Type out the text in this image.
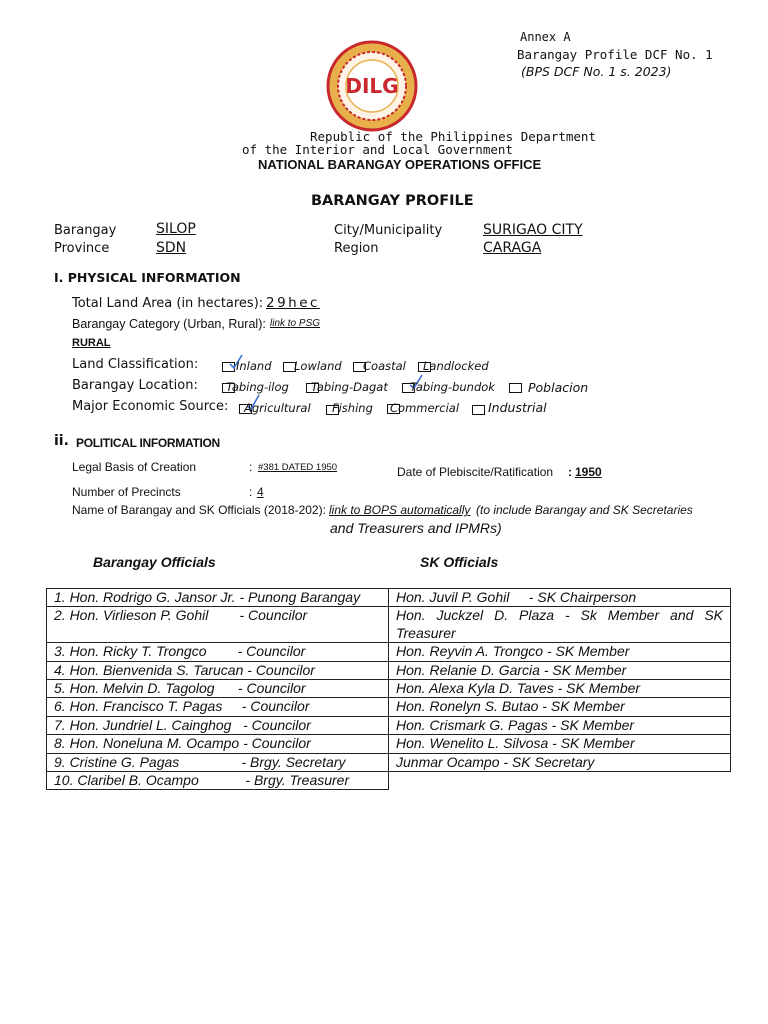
Annex A
Barangay Profile DCF No. 1
(BPS DCF No. 1 s. 2023)
DILG
Republic of the Philippines Department
of the Interior and Local Government
NATIONAL BARANGAY OPERATIONS OFFICE
BARANGAY PROFILE
Barangay	SILOP
Province	SDN
City/Municipality	SURIGAO CITY
Region	CARAGA
I. PHYSICAL INFORMATION
Total Land Area (in hectares): 29hec
Barangay Category (Urban, Rural): link to PSG
RURAL
Land Classification:	Inland Lowland Coastal Landlocked
Barangay Location: Tabing-ilog Tabing-Dagat Tabing-bundok	Poblacion
Major Economic Source: Agricultural Fishing Commercial Industrial
ii. POLITICAL INFORMATION
Legal Basis of Creation	: #381 DATED 1950	Date of Plebiscite/Ratification : 1950
Number of Precincts	: 4
Name of Barangay and SK Officials (2018-202): link to BOPS automatically (to include Barangay and SK Secretaries
and Treasurers and IPMRs)
Barangay Officials	SK Officials
1. Hon. Rodrigo G. Jansor Jr. - Punong Barangay	Hon. Juvil P. Gohil     - SK Chairperson
2. Hon. Virlieson P. Gohil        - Councilor	Hon. Juckzel D. Plaza - Sk Member and SK Treasurer
3. Hon. Ricky T. Trongco        - Councilor	Hon. Reyvin A. Trongco - SK Member
4. Hon. Bienvenida S. Tarucan - Councilor	Hon. Relanie D. Garcia - SK Member
5. Hon. Melvin D. Tagolog      - Councilor	Hon. Alexa Kyla D. Taves - SK Member
6. Hon. Francisco T. Pagas     - Councilor	Hon. Ronelyn S. Butao - SK Member
7. Hon. Jundriel L. Cainghog   - Councilor	Hon. Crismark G. Pagas - SK Member
8. Hon. Noneluna M. Ocampo - Councilor	Hon. Wenelito L. Silvosa - SK Member
9. Cristine G. Pagas                - Brgy. Secretary	Junmar Ocampo - SK Secretary
10. Claribel B. Ocampo            - Brgy. Treasurer	
